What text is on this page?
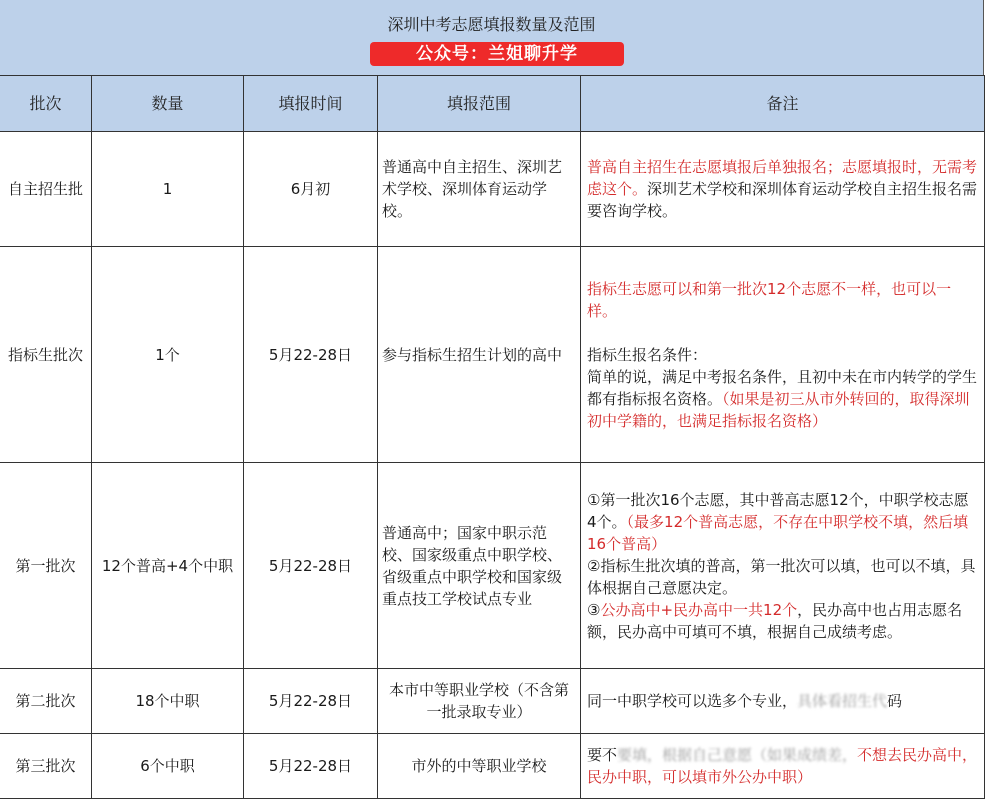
深圳中考志愿填报数量及范围
公众号：兰姐聊升学
批次	数量	填报时间	填报范围	备注
自主招生批	1	6月初	普通高中自主招生、深圳艺术学校、深圳体育运动学校。	普高自主招生在志愿填报后单独报名；志愿填报时，无需考虑这个。深圳艺术学校和深圳体育运动学校自主招生报名需要咨询学校。
指标生批次	1个	5月22-28日	参与指标生招生计划的高中	指标生志愿可以和第一批次12个志愿不一样，也可以一样。
指标生报名条件：
简单的说，满足中考报名条件，且初中未在市内转学的学生都有指标报名资格。（如果是初三从市外转回的，取得深圳初中学籍的，也满足指标报名资格）

第一批次	12个普高+4个中职	5月22-28日	普通高中；国家中职示范校、国家级重点中职学校、省级重点中职学校和国家级重点技工学校试点专业	①第一批次16个志愿，其中普高志愿12个，中职学校志愿4个。（最多12个普高志愿，不存在中职学校不填，然后填16个普高）
②指标生批次填的普高，第一批次可以填，也可以不填，具体根据自己意愿决定。
③公办高中+民办高中一共12个，民办高中也占用志愿名额，民办高中可填可不填，根据自己成绩考虑。

第二批次	18个中职	5月22-28日	本市中等职业学校（不含第一批录取专业）	同一中职学校可以选多个专业，具体看招生代码
第三批次	6个中职	5月22-28日	市外的中等职业学校	要不要填，根据自己意愿（如果成绩差，不想去民办高中，民办中职，可以填市外公办中职）
